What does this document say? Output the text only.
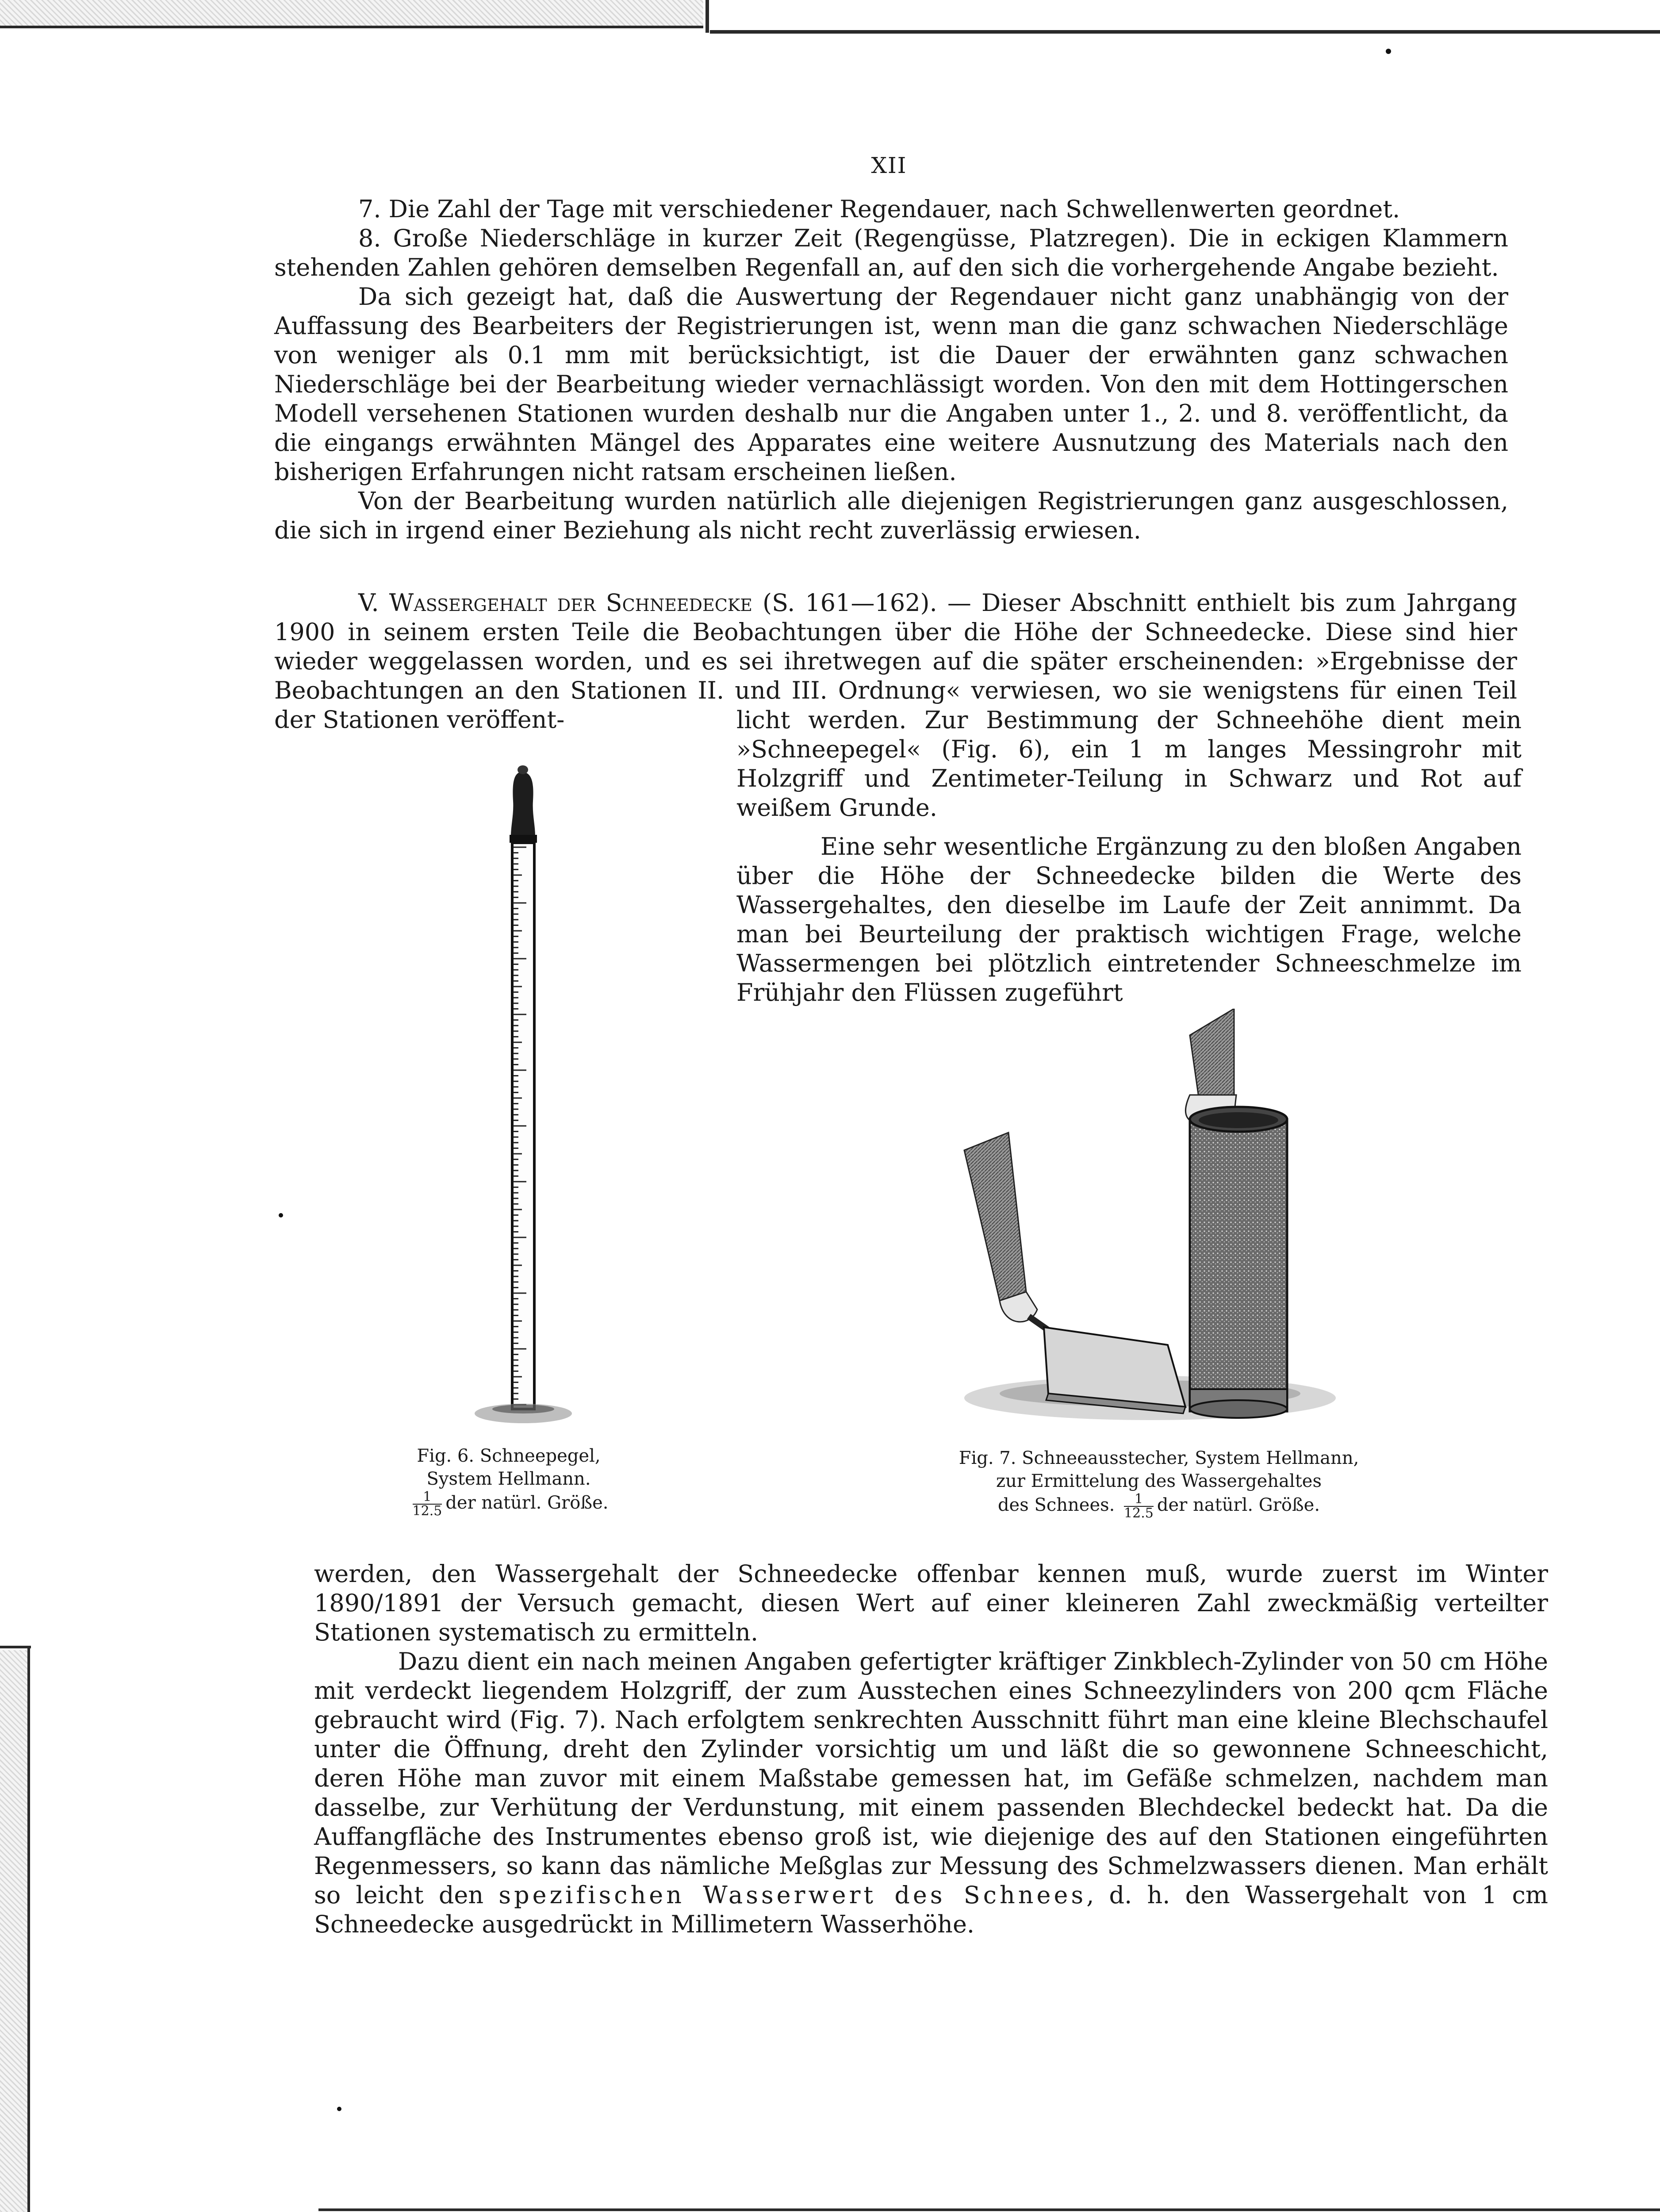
XII

7. Die Zahl der Tage mit verschiedener Regendauer, nach Schwellenwerten geordnet.

8. Große Niederschläge in kurzer Zeit (Regengüsse, Platzregen). Die in eckigen Klammern stehenden Zahlen gehören demselben Regenfall an, auf den sich die vorhergehende Angabe bezieht.

Da sich gezeigt hat, daß die Auswertung der Regendauer nicht ganz unabhängig von der Auffassung des Bearbeiters der Registrierungen ist, wenn man die ganz schwachen Niederschläge von weniger als 0.1 mm mit berücksichtigt, ist die Dauer der erwähnten ganz schwachen Niederschläge bei der Bearbeitung wieder vernachlässigt worden. Von den mit dem Hottingerschen Modell versehenen Stationen wurden deshalb nur die Angaben unter 1., 2. und 8. veröffentlicht, da die eingangs erwähnten Mängel des Apparates eine weitere Ausnutzung des Materials nach den bisherigen Erfahrungen nicht ratsam erscheinen ließen.

Von der Bearbeitung wurden natürlich alle diejenigen Registrierungen ganz ausgeschlossen, die sich in irgend einer Beziehung als nicht recht zuverlässig erwiesen.

V. Wassergehalt der Schneedecke (S. 161—162). — Dieser Abschnitt enthielt bis zum Jahrgang 1900 in seinem ersten Teile die Beobachtungen über die Höhe der Schneedecke. Diese sind hier wieder weggelassen worden, und es sei ihretwegen auf die später erscheinenden: »Ergebnisse der Beobachtungen an den Stationen II. und III. Ordnung« verwiesen, wo sie wenigstens für einen Teil der Stationen veröffent-	licht werden. Zur Bestimmung der Schneehöhe dient mein »Schneepegel« (Fig. 6), ein 1 m langes Messingrohr mit Holzgriff und Zentimeter-Teilung in Schwarz und Rot auf weißem Grunde.

Eine sehr wesentliche Ergänzung zu den bloßen Angaben über die Höhe der Schneedecke bilden die Werte des Wassergehaltes, den dieselbe im Laufe der Zeit annimmt. Da man bei Beurteilung der praktisch wichtigen Frage, welche Wassermengen bei plötzlich eintretender Schneeschmelze im Frühjahr den Flüssen zugeführt

Fig. 6. Schneepegel,
System Hellmann.
$\frac{1}{12.5}$ der natürl. Größe.
Fig. 7. Schneeausstecher, System Hellmann,
zur Ermittelung des Wassergehaltes
des Schnees. $\frac{1}{12.5}$ der natürl. Größe.

werden, den Wassergehalt der Schneedecke offenbar kennen muß, wurde zuerst im Winter 1890/1891 der Versuch gemacht, diesen Wert auf einer kleineren Zahl zweckmäßig verteilter Stationen systematisch zu ermitteln.

Dazu dient ein nach meinen Angaben gefertigter kräftiger Zinkblech-Zylinder von 50 cm Höhe mit verdeckt liegendem Holzgriff, der zum Ausstechen eines Schneezylinders von 200 qcm Fläche gebraucht wird (Fig. 7). Nach erfolgtem senkrechten Ausschnitt führt man eine kleine Blechschaufel unter die Öffnung, dreht den Zylinder vorsichtig um und läßt die so gewonnene Schneeschicht, deren Höhe man zuvor mit einem Maßstabe gemessen hat, im Gefäße schmelzen, nachdem man dasselbe, zur Verhütung der Verdunstung, mit einem passenden Blechdeckel bedeckt hat. Da die Auffangfläche des Instrumentes ebenso groß ist, wie diejenige des auf den Stationen eingeführten Regenmessers, so kann das nämliche Meßglas zur Messung des Schmelzwassers dienen. Man erhält so leicht den spezifischen Wasserwert des Schnees, d. h. den Wassergehalt von 1 cm Schneedecke ausgedrückt in Millimetern Wasserhöhe.
